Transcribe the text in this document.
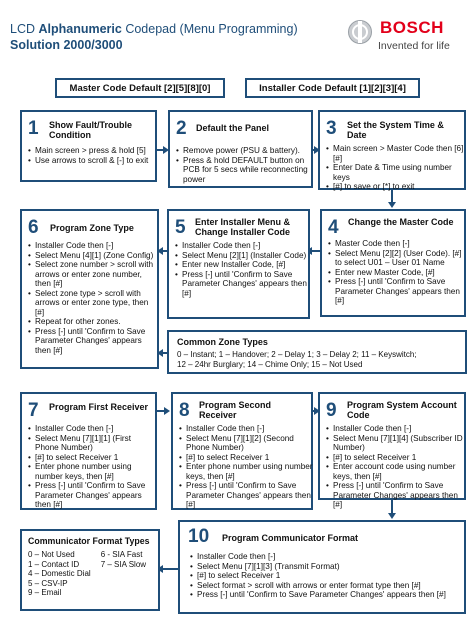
LCD Alphanumeric Codepad (Menu Programming)
Solution 2000/3000
BOSCH
Invented for life
Master Code Default [2][5][8][0]	Installer Code Default [1][2][3][4]
1 Show Fault/Trouble Condition
• Main screen > press & hold [5]
• Use arrows to scroll & [-] to exit
2 Default the Panel
• Remove power (PSU & battery).
• Press & hold DEFAULT button on PCB for 5 secs while reconnecting power
3 Set the System Time & Date
• Main screen > Master Code then [6][#]
• Enter Date & Time using number keys
• [#] to save or [*] to exit
6 Program Zone Type
• Installer Code then [-]
• Select Menu [4][1] (Zone Config)
• Select zone number > scroll with arrows or enter zone number, then [#]
• Select zone type > scroll with arrows or enter zone type, then [#]
• Repeat for other zones.
• Press [-] until 'Confirm to Save Parameter Changes' appears then [#]
5 Enter Installer Menu & Change Installer Code
• Installer Code then [-]
• Select Menu [2][1] (Installer Code)
• Enter new Installer Code, [#]
• Press [-] until 'Confirm to Save Parameter Changes' appears then [#]
4 Change the Master Code
• Master Code then [-]
• Select Menu [2][2] (User Code). [#] to select U01 – User 01 Name
• Enter new Master Code, [#]
• Press [-] until 'Confirm to Save Parameter Changes' appears then [#]
Common Zone Types
0 – Instant; 1 – Handover; 2 – Delay 1; 3 – Delay 2; 11 – Keyswitch;
12 – 24hr Burglary; 14 – Chime Only; 15 – Not Used
7 Program First Receiver
• Installer Code then [-]
• Select Menu [7][1][1] (First Phone Number)
• [#] to select Receiver 1
• Enter phone number using number keys, then [#]
• Press [-] until 'Confirm to Save Parameter Changes' appears then [#]
8 Program Second Receiver
• Installer Code then [-]
• Select Menu [7][1][2] (Second Phone Number)
• [#] to select Receiver 1
• Enter phone number using number keys, then [#]
• Press [-] until 'Confirm to Save Parameter Changes' appears then [#]
9 Program System Account Code
• Installer Code then [-]
• Select Menu [7][1][4] (Subscriber ID Number)
• [#] to select Receiver 1
• Enter account code using number keys, then [#]
• Press [-] until 'Confirm to Save Parameter Changes' appears then [#]
Communicator Format Types
0 – Not Used
1 – Contact ID
4 – Domestic Dial
5 – CSV-IP
9 – Email
6 - SIA Fast
7 – SIA Slow
10 Program Communicator Format
• Installer Code then [-]
• Select Menu [7][1][3] (Transmit Format)
• [#] to select Receiver 1
• Select format > scroll with arrows or enter format type then [#]
• Press [-] until 'Confirm to Save Parameter Changes' appears then [#]
